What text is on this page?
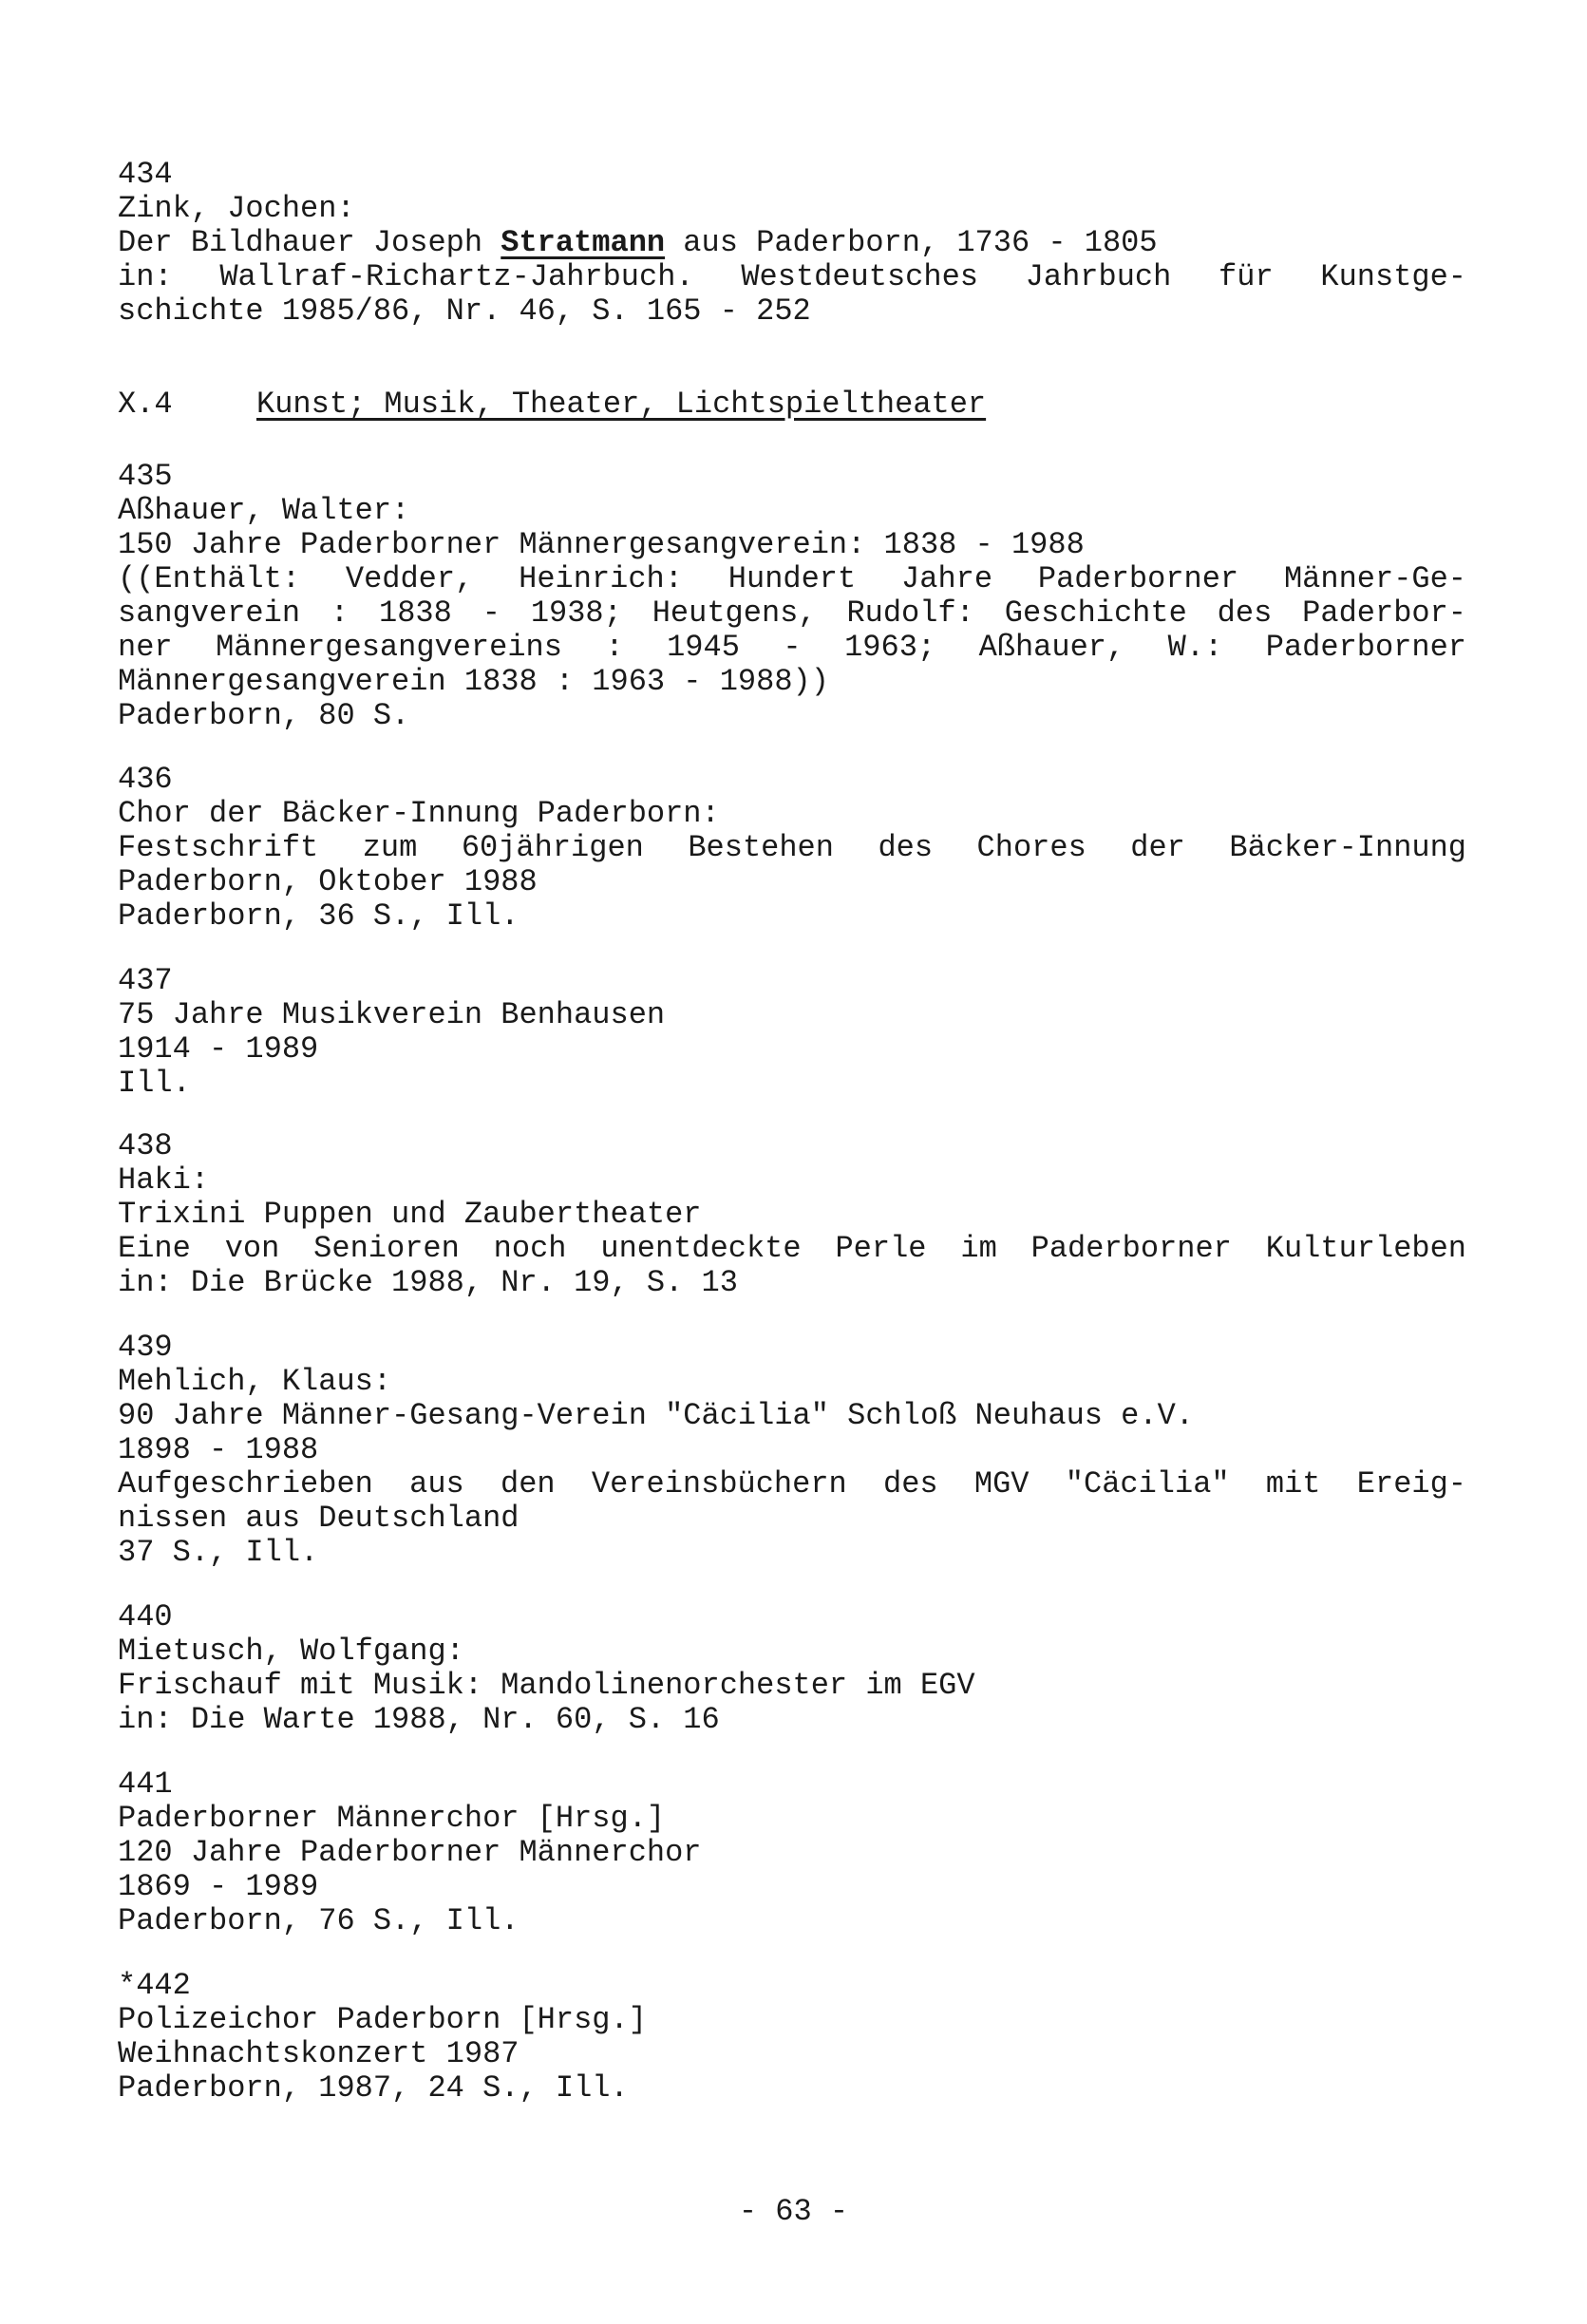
434
Zink, Jochen:
Der Bildhauer Joseph Stratmann aus Paderborn, 1736 - 1805
in: Wallraf-Richartz-Jahrbuch. Westdeutsches Jahrbuch für Kunstge-
schichte 1985/86, Nr. 46, S. 165 - 252
X.4	Kunst; Musik, Theater, Lichtspieltheater
435
Aßhauer, Walter:
150 Jahre Paderborner Männergesangverein: 1838 - 1988
((Enthält: Vedder, Heinrich: Hundert Jahre Paderborner Männer-Ge-
sangverein : 1838 - 1938; Heutgens, Rudolf: Geschichte des Paderbor-
ner Männergesangvereins : 1945 - 1963; Aßhauer, W.: Paderborner
Männergesangverein 1838 : 1963 - 1988))
Paderborn, 80 S.
436
Chor der Bäcker-Innung Paderborn:
Festschrift zum 60jährigen Bestehen des Chores der Bäcker-Innung
Paderborn, Oktober 1988
Paderborn, 36 S., Ill.
437
75 Jahre Musikverein Benhausen
1914 - 1989
Ill.
438
Haki:
Trixini Puppen und Zaubertheater
Eine von Senioren noch unentdeckte Perle im Paderborner Kulturleben
in: Die Brücke 1988, Nr. 19, S. 13
439
Mehlich, Klaus:
90 Jahre Männer-Gesang-Verein "Cäcilia" Schloß Neuhaus e.V.
1898 - 1988
Aufgeschrieben aus den Vereinsbüchern des MGV "Cäcilia" mit Ereig-
nissen aus Deutschland
37 S., Ill.
440
Mietusch, Wolfgang:
Frischauf mit Musik: Mandolinenorchester im EGV
in: Die Warte 1988, Nr. 60, S. 16
441
Paderborner Männerchor [Hrsg.]
120 Jahre Paderborner Männerchor
1869 - 1989
Paderborn, 76 S., Ill.
*442
Polizeichor Paderborn [Hrsg.]
Weihnachtskonzert 1987
Paderborn, 1987, 24 S., Ill.
- 63 -
